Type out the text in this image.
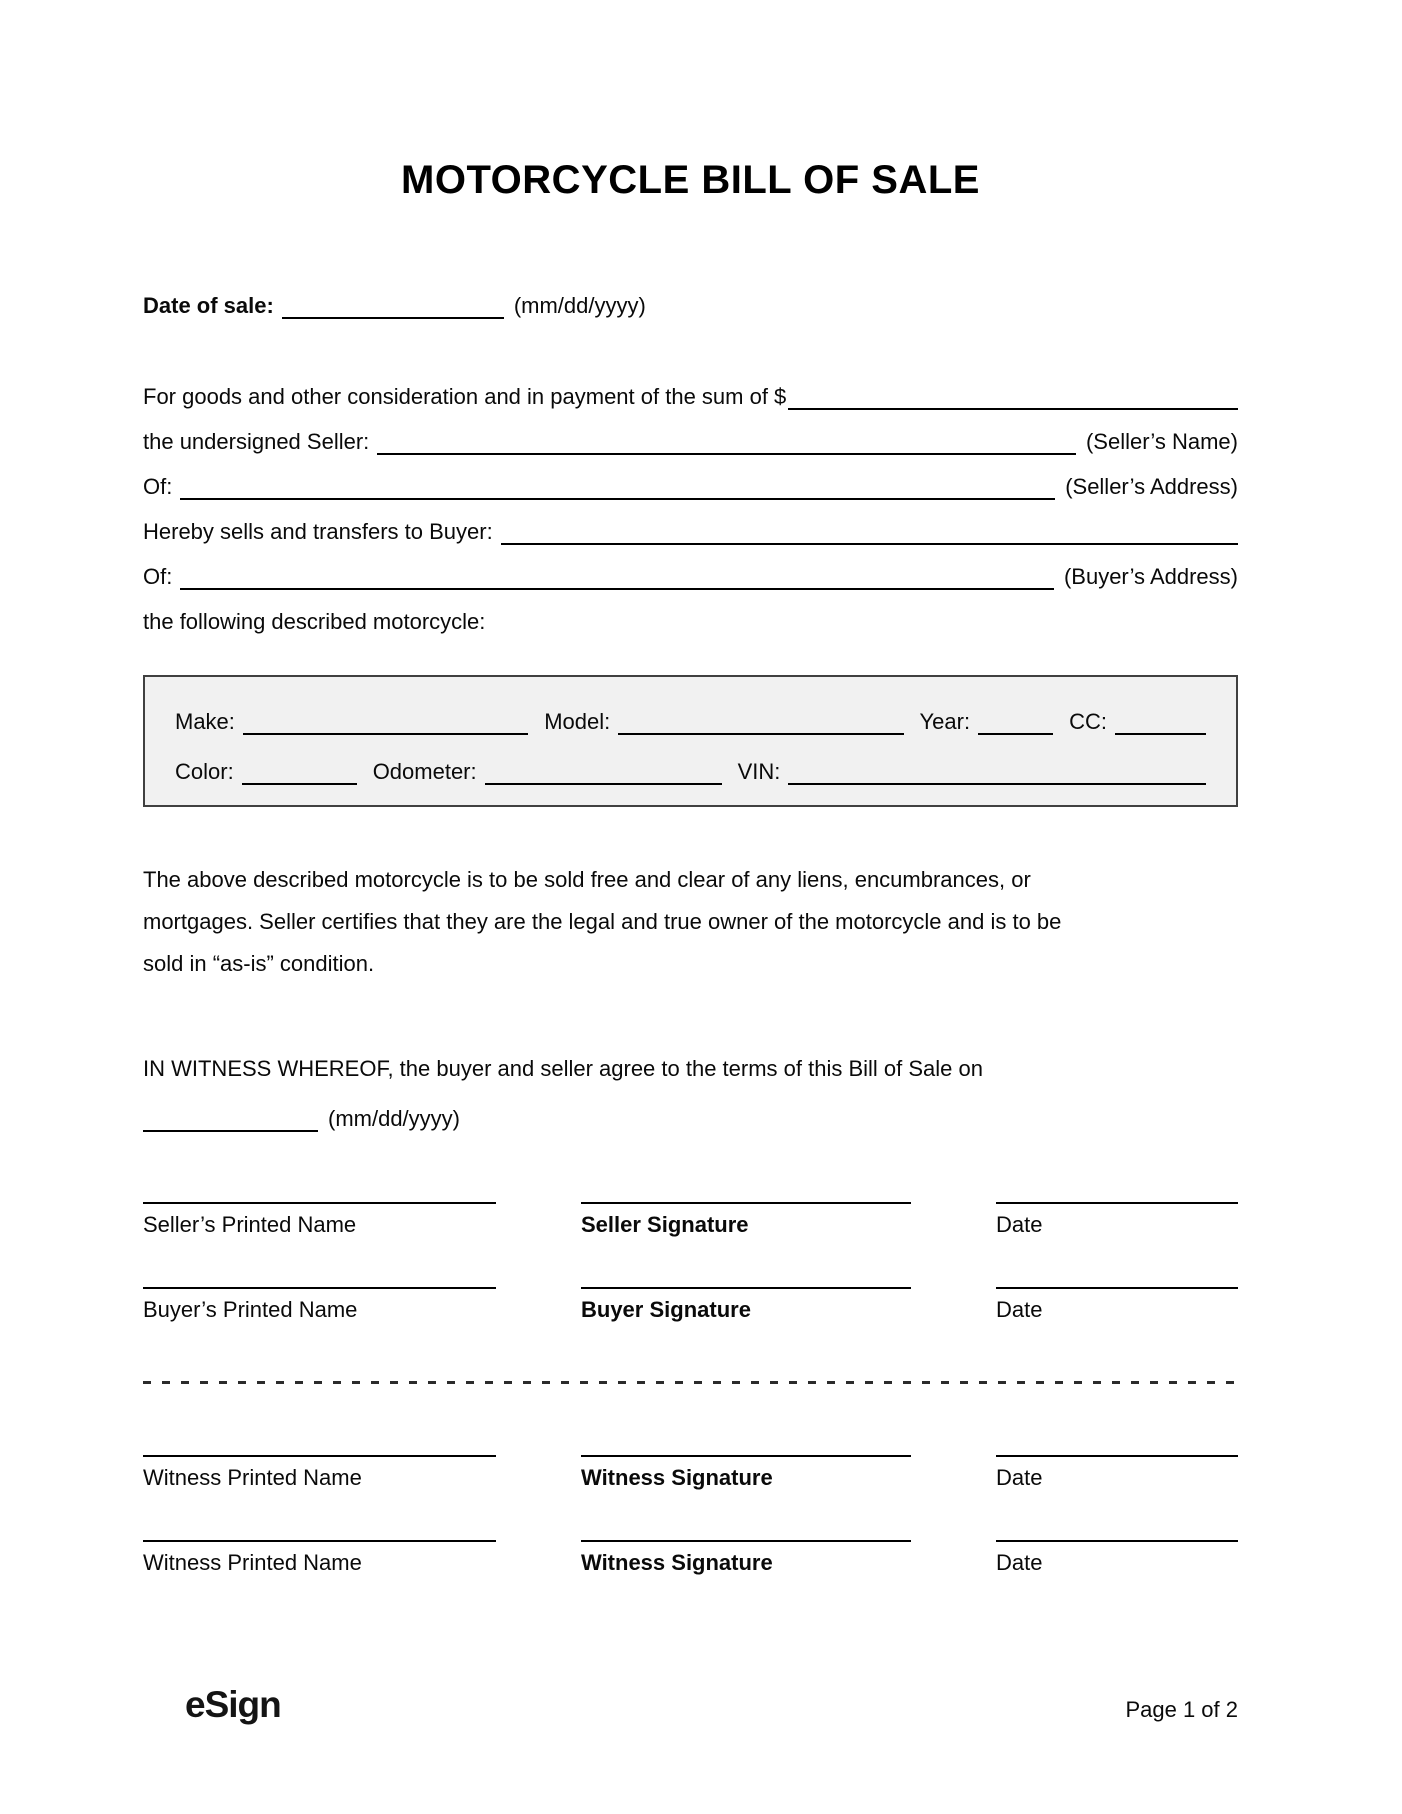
MOTORCYCLE BILL OF SALE
Date of sale:	(mm/dd/yyyy)
For goods and other consideration and in payment of the sum of $
the undersigned Seller:	(Seller’s Name)
Of:	(Seller’s Address)
Hereby sells and transfers to Buyer:
Of:	(Buyer’s Address)
the following described motorcycle:
Make:	Model:	Year:	CC:
Color:	Odometer:	VIN:
The above described motorcycle is to be sold free and clear of any liens, encumbrances, or
mortgages. Seller certifies that they are the legal and true owner of the motorcycle and is to be
sold in “as-is” condition.
IN WITNESS WHEREOF, the buyer and seller agree to the terms of this Bill of Sale on
(mm/dd/yyyy)
Seller’s Printed Name	Seller Signature	Date
Buyer’s Printed Name	Buyer Signature	Date
Witness Printed Name	Witness Signature	Date
Witness Printed Name	Witness Signature	Date
eSign	Page 1 of 2
